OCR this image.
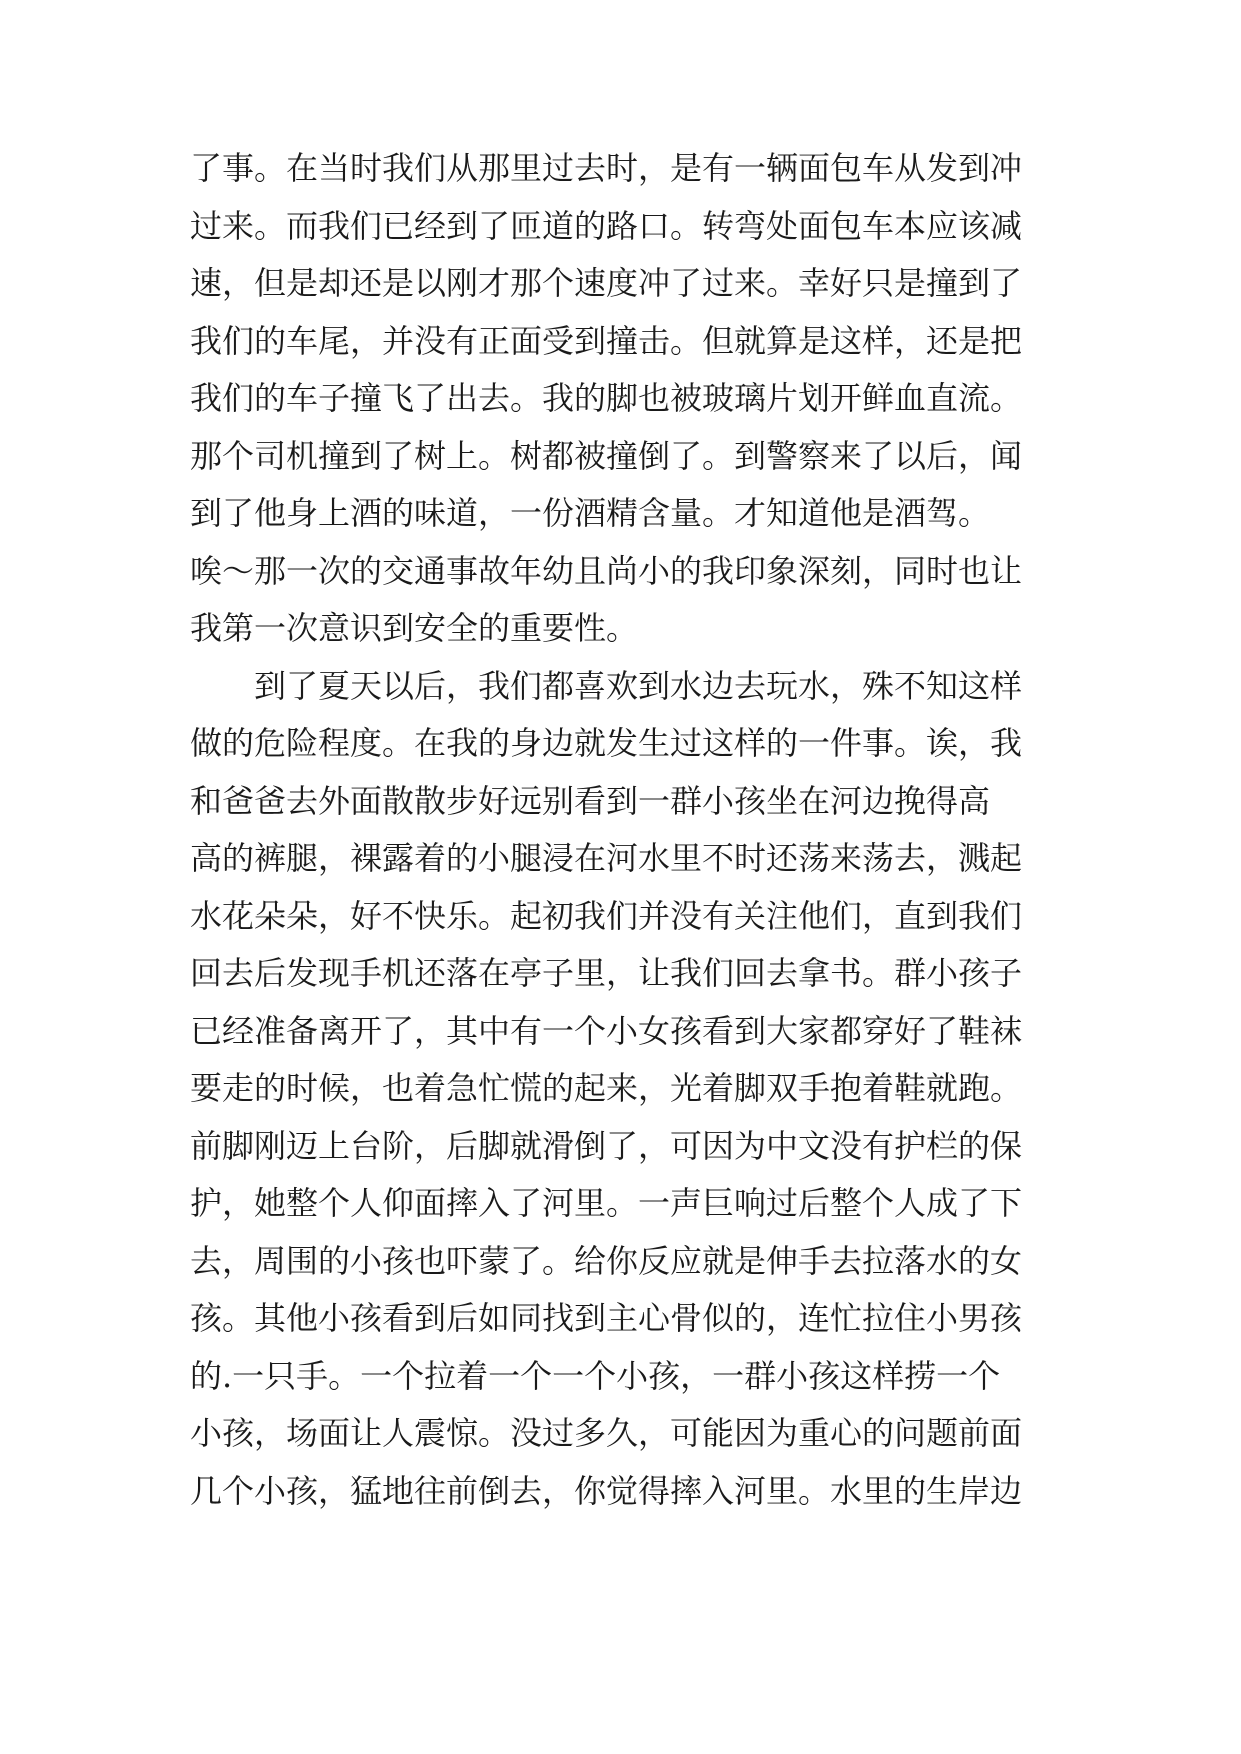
了事。在当时我们从那里过去时，是有一辆面包车从发到冲
过来。而我们已经到了匝道的路口。转弯处面包车本应该减
速，但是却还是以刚才那个速度冲了过来。幸好只是撞到了
我们的车尾，并没有正面受到撞击。但就算是这样，还是把
我们的车子撞飞了出去。我的脚也被玻璃片划开鲜血直流。
那个司机撞到了树上。树都被撞倒了。到警察来了以后，闻
到了他身上酒的味道，一份酒精含量。才知道他是酒驾。
唉～那一次的交通事故年幼且尚小的我印象深刻，同时也让
我第一次意识到安全的重要性。
到了夏天以后，我们都喜欢到水边去玩水，殊不知这样
做的危险程度。在我的身边就发生过这样的一件事。诶，我
和爸爸去外面散散步好远别看到一群小孩坐在河边挽得高
高的裤腿，裸露着的小腿浸在河水里不时还荡来荡去，溅起
水花朵朵，好不快乐。起初我们并没有关注他们，直到我们
回去后发现手机还落在亭子里，让我们回去拿书。群小孩子
已经准备离开了，其中有一个小女孩看到大家都穿好了鞋袜
要走的时候，也着急忙慌的起来，光着脚双手抱着鞋就跑。
前脚刚迈上台阶，后脚就滑倒了，可因为中文没有护栏的保
护，她整个人仰面摔入了河里。一声巨响过后整个人成了下
去，周围的小孩也吓蒙了。给你反应就是伸手去拉落水的女
孩。其他小孩看到后如同找到主心骨似的，连忙拉住小男孩
的.一只手。一个拉着一个一个小孩，一群小孩这样捞一个
小孩，场面让人震惊。没过多久，可能因为重心的问题前面
几个小孩，猛地往前倒去，你觉得摔入河里。水里的生岸边
